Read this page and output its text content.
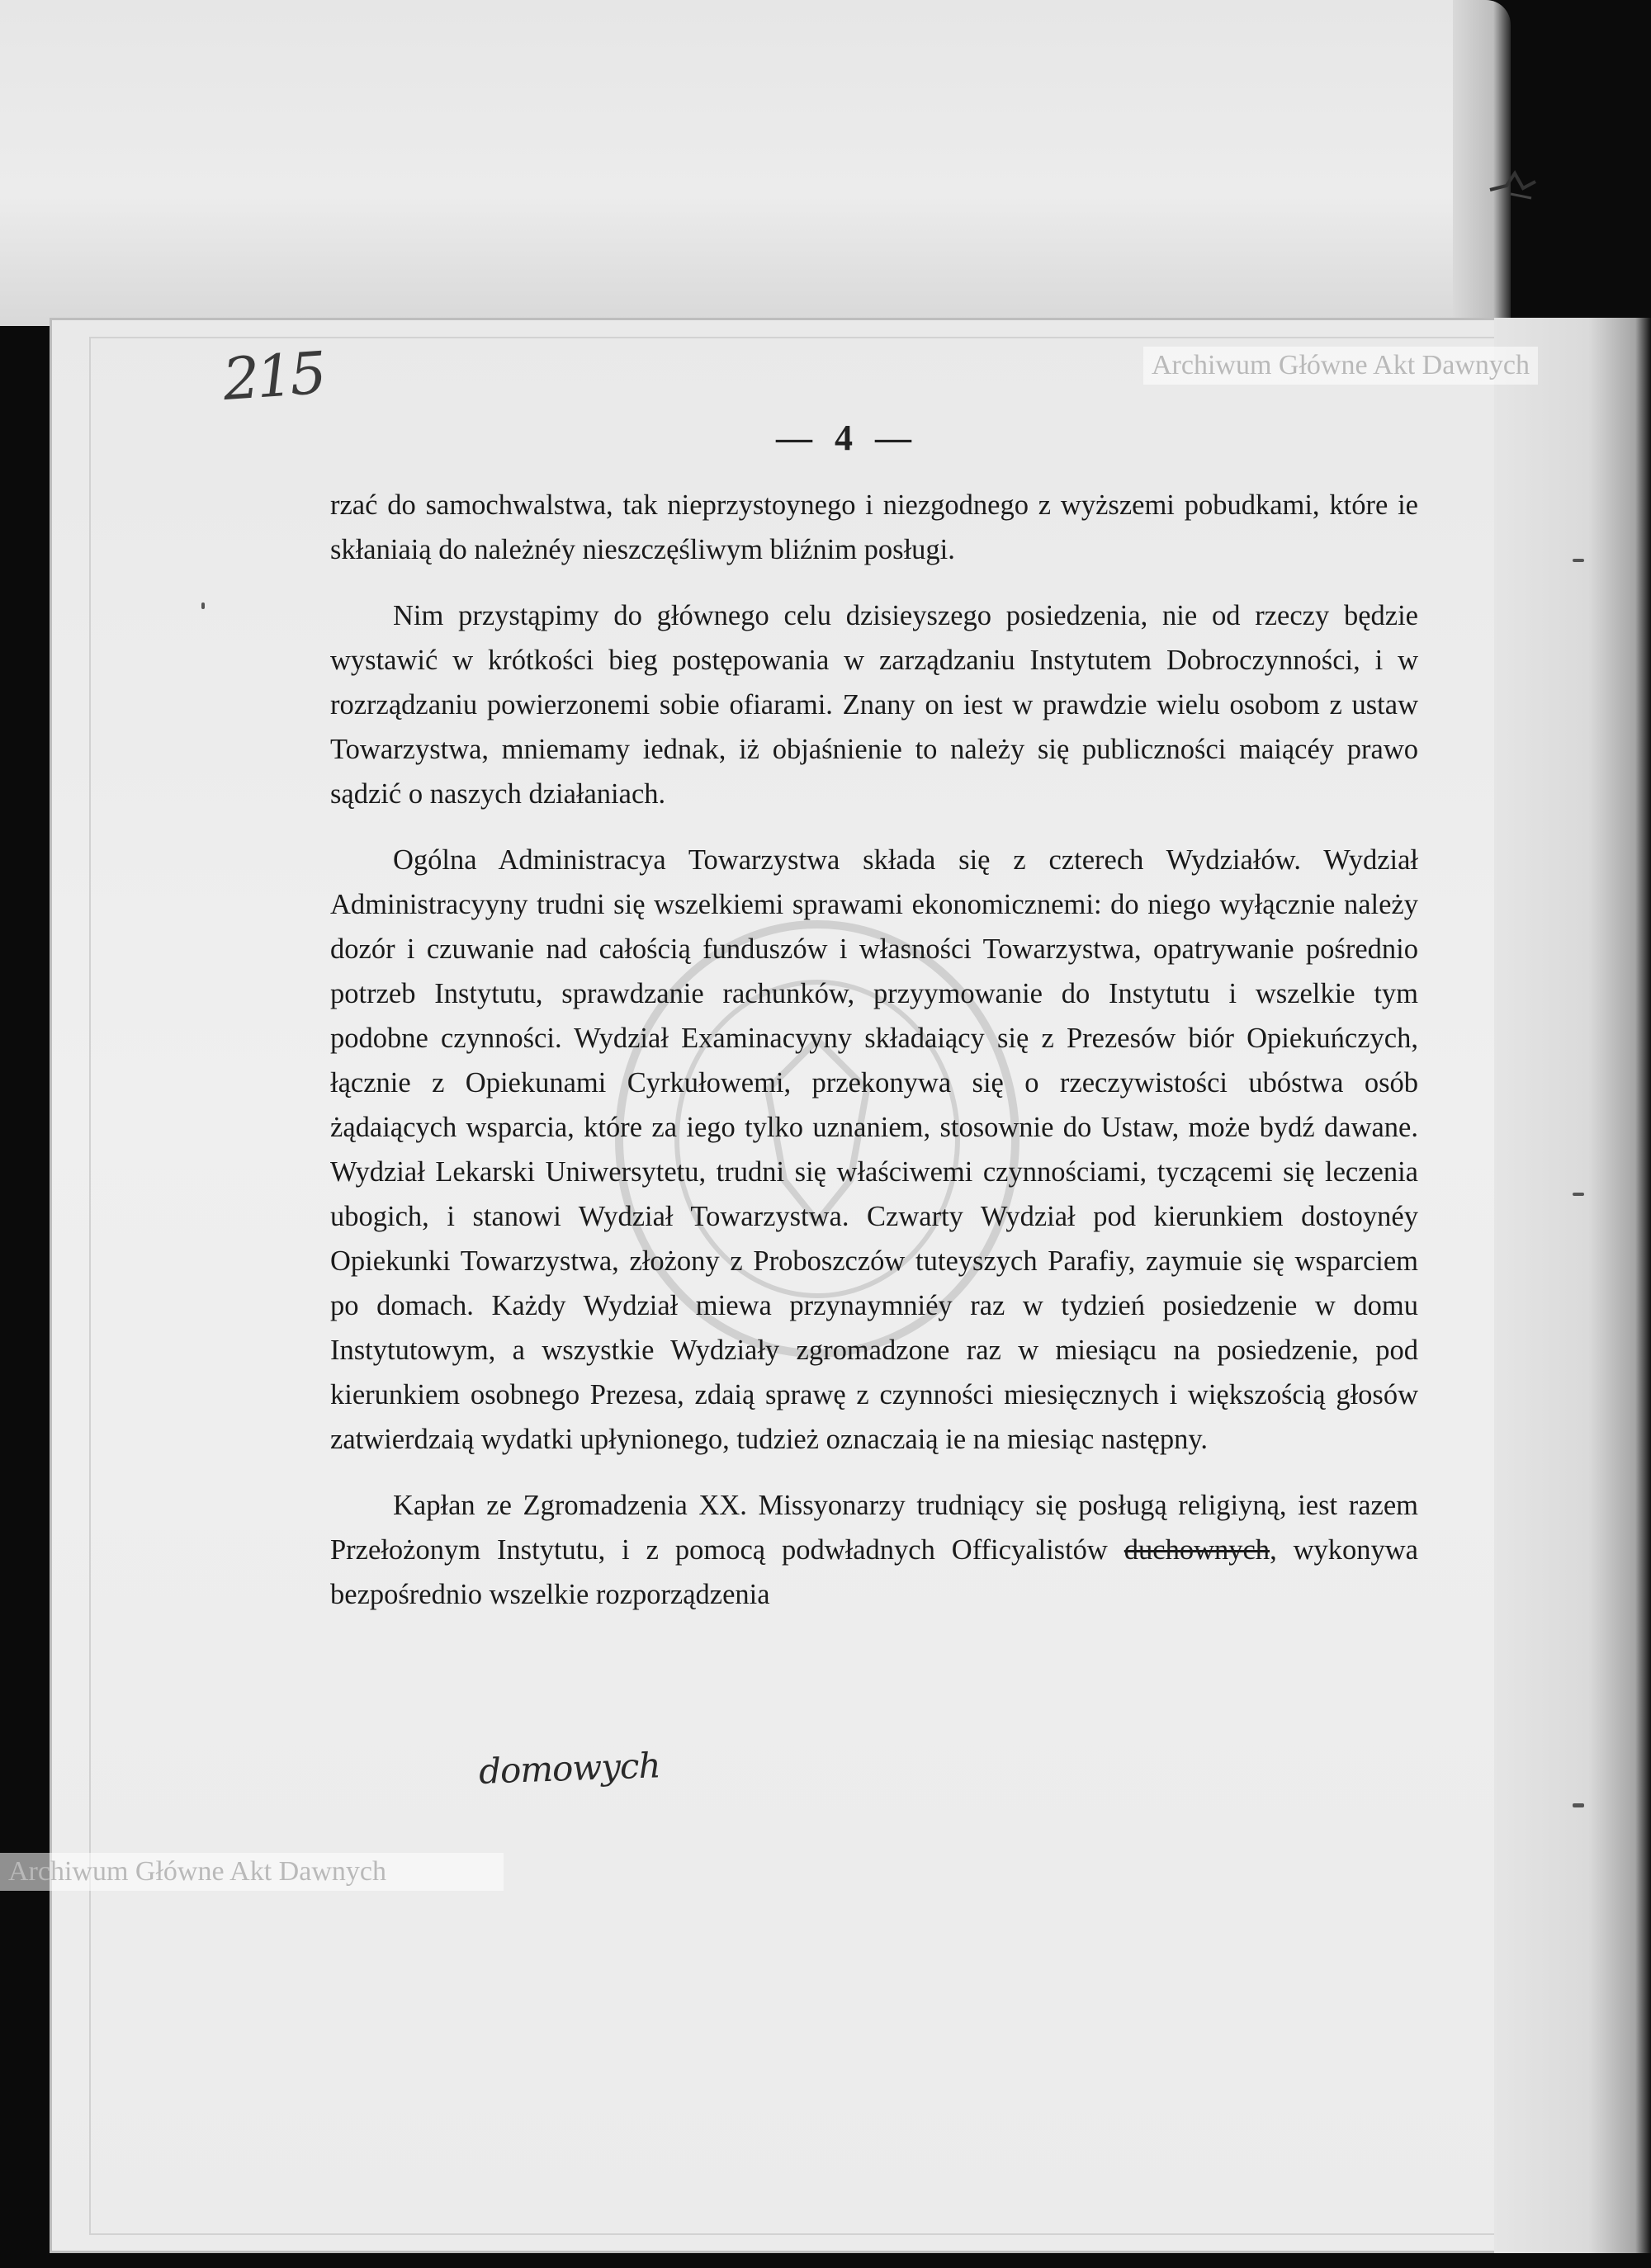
Archiwum Główne Akt Dawnych
215
— 4 —

rzać do samochwalstwa, tak nieprzystoynego i niezgodnego z wyższemi pobudkami, które ie skłaniaią do należnéy nieszczęśliwym bliźnim posługi.

Nim przystąpimy do głównego celu dzisieyszego posiedzenia, nie od rzeczy będzie wystawić w krótkości bieg postępowania w zarządzaniu Instytutem Dobroczynności, i w rozrządzaniu powierzonemi sobie ofiarami. Znany on iest w prawdzie wielu osobom z ustaw Towarzystwa, mniemamy iednak, iż objaśnienie to należy się publiczności maiącéy prawo sądzić o naszych działaniach.

Ogólna Administracya Towarzystwa składa się z czterech Wydziałów. Wydział Administracyyny trudni się wszelkiemi sprawami ekonomicznemi: do niego wyłącznie należy dozór i czuwanie nad całością funduszów i własności Towarzystwa, opatrywanie pośrednio potrzeb Instytutu, sprawdzanie rachunków, przyymowanie do Instytutu i wszelkie tym podobne czynności. Wydział Examinacyyny składaiący się z Prezesów biór Opiekuńczych, łącznie z Opiekunami Cyrkułowemi, przekonywa się o rzeczywistości ubóstwa osób żądaiących wsparcia, które za iego tylko uznaniem, stosownie do Ustaw, może bydź dawane. Wydział Lekarski Uniwersytetu, trudni się właściwemi czynnościami, tyczącemi się leczenia ubogich, i stanowi Wydział Towarzystwa. Czwarty Wydział pod kierunkiem dostoynéy Opiekunki Towarzystwa, złożony z Proboszczów tuteyszych Parafiy, zaymuie się wsparciem po domach. Każdy Wydział miewa przynaymniéy raz w tydzień posiedzenie w domu Instytutowym, a wszystkie Wydziały zgromadzone raz w miesiącu na posiedzenie, pod kierunkiem osobnego Prezesa, zdaią sprawę z czynności miesięcznych i większością głosów zatwierdzaią wydatki upłynionego, tudzież oznaczaią ie na miesiąc następny.

Kapłan ze Zgromadzenia XX. Missyonarzy trudniący się posługą religiyną, iest razem Przełożonym Instytutu, i z pomocą podwładnych Officyalistów duchownych, wykonywa bezpośrednio wszelkie rozporządzenia

domowych
Archiwum Główne Akt Dawnych
